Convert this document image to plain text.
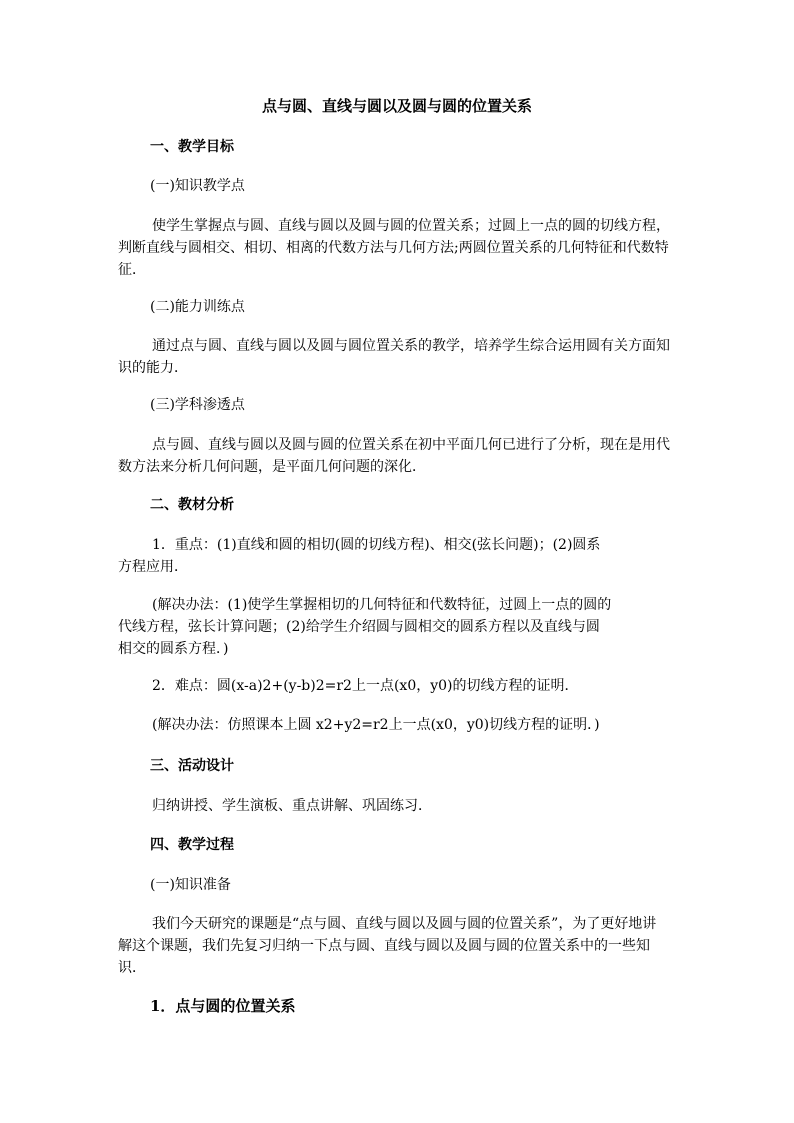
点与圆、直线与圆以及圆与圆的位置关系
一、教学目标
(一)知识教学点
使学生掌握点与圆、直线与圆以及圆与圆的位置关系；过圆上一点的圆的切线方程，
判断直线与圆相交、相切、相离的代数方法与几何方法;两圆位置关系的几何特征和代数特
征．
(二)能力训练点
通过点与圆、直线与圆以及圆与圆位置关系的教学，培养学生综合运用圆有关方面知
识的能力．
(三)学科渗透点
点与圆、直线与圆以及圆与圆的位置关系在初中平面几何已进行了分析，现在是用代
数方法来分析几何问题，是平面几何问题的深化．
二、教材分析
1．重点：(1)直线和圆的相切(圆的切线方程)、相交(弦长问题)；(2)圆系
方程应用．
(解决办法：(1)使学生掌握相切的几何特征和代数特征，过圆上一点的圆的
代线方程，弦长计算问题；(2)给学生介绍圆与圆相交的圆系方程以及直线与圆
相交的圆系方程．)
2．难点：圆(x-a)2+(y-b)2=r2上一点(x0，y0)的切线方程的证明．
(解决办法：仿照课本上圆 x2+y2=r2上一点(x0，y0)切线方程的证明．)
三、活动设计
归纳讲授、学生演板、重点讲解、巩固练习．
四、教学过程
(一)知识准备
我们今天研究的课题是“点与圆、直线与圆以及圆与圆的位置关系”，为了更好地讲
解这个课题，我们先复习归纳一下点与圆、直线与圆以及圆与圆的位置关系中的一些知
识．
1．点与圆的位置关系
